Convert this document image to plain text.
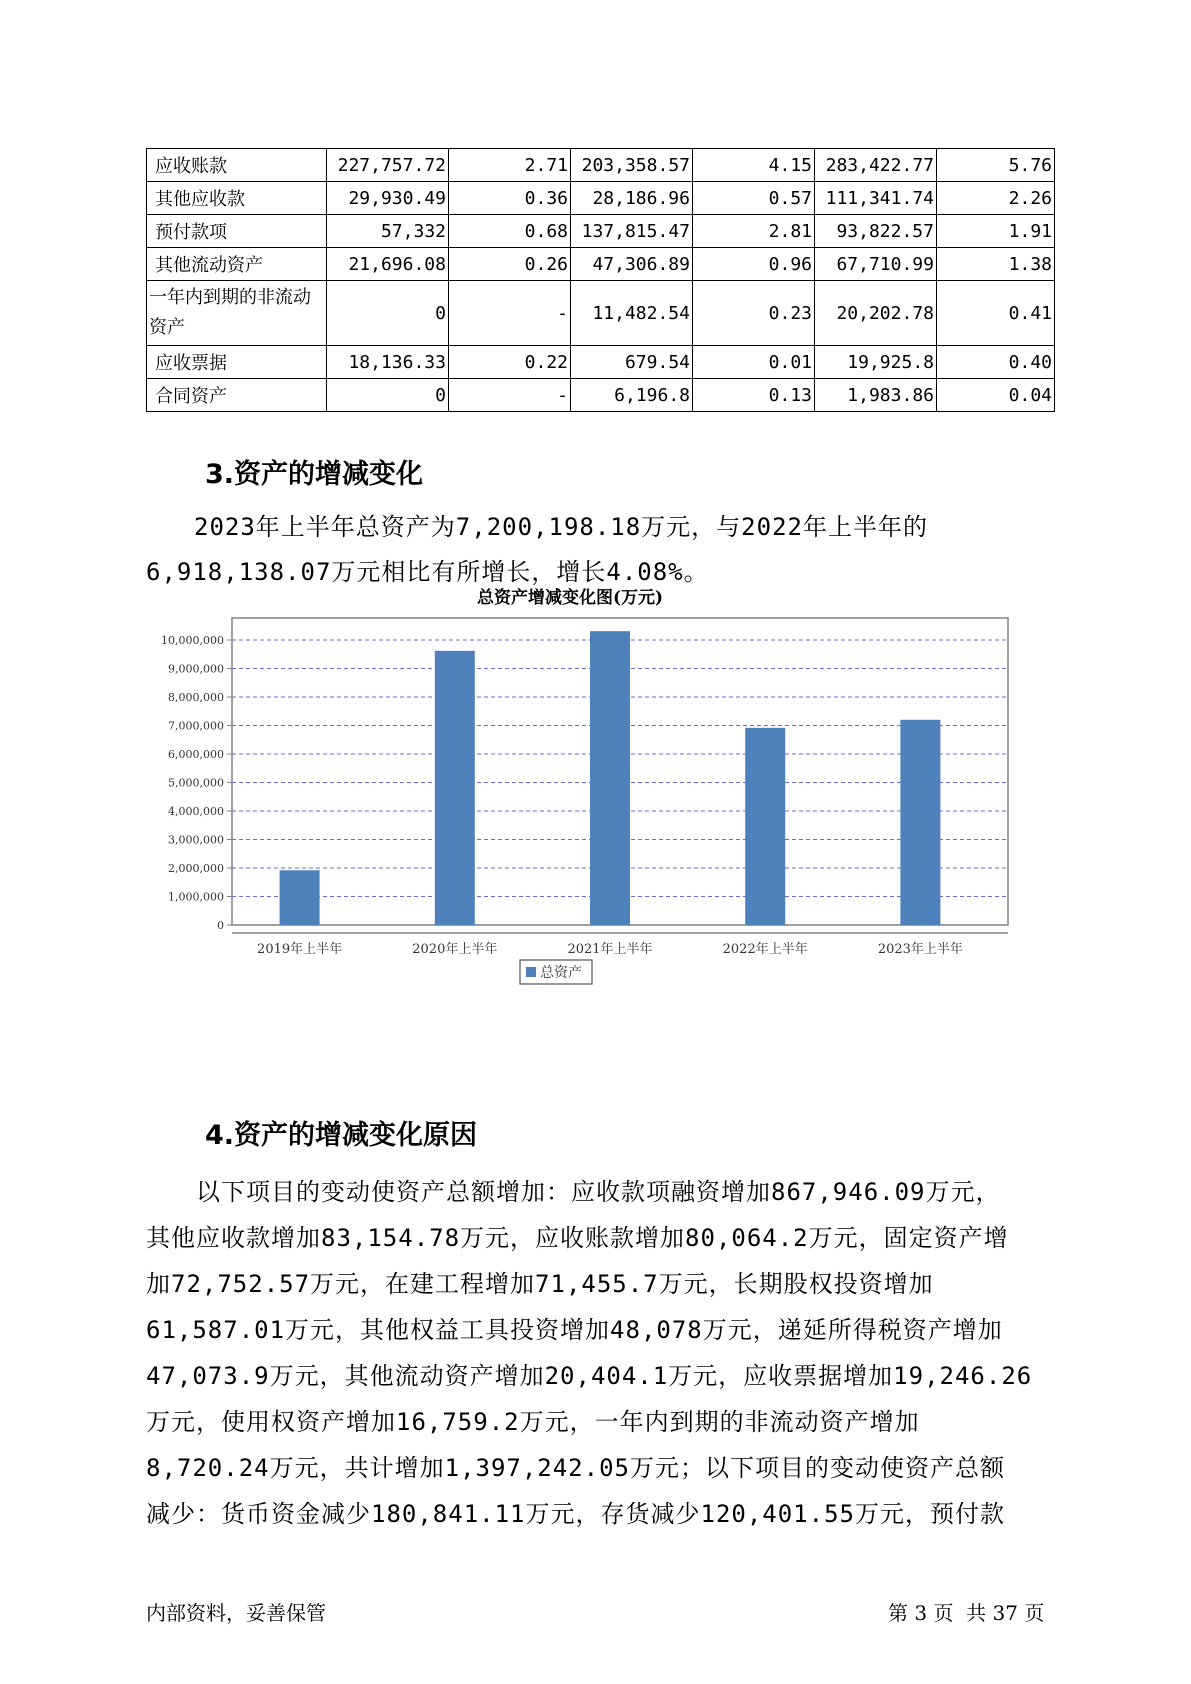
应收账款	227,757.72	2.71	203,358.57	4.15	283,422.77	5.76
其他应收款	29,930.49	0.36	28,186.96	0.57	111,341.74	2.26
预付款项	57,332	0.68	137,815.47	2.81	93,822.57	1.91
其他流动资产	21,696.08	0.26	47,306.89	0.96	67,710.99	1.38
一年内到期的非流动资产	0	-	11,482.54	0.23	20,202.78	0.41
应收票据	18,136.33	0.22	679.54	0.01	19,925.8	0.40
合同资产	0	-	6,196.8	0.13	1,983.86	0.04
3.资产的增减变化

2023年上半年总资产为7,200,198.18万元，与2022年上半年的6,918,138.07万元相比有所增长，增长4.08%。

总资产增减变化图(万元)
0
1,000,000
2,000,000
3,000,000
4,000,000
5,000,000
6,000,000
7,000,000
8,000,000
9,000,000
10,000,000
2019年上半年	2020年上半年	2021年上半年	2022年上半年	2023年上半年
总资产
4.资产的增减变化原因

以下项目的变动使资产总额增加：应收款项融资增加867,946.09万元，

其他应收款增加83,154.78万元，应收账款增加80,064.2万元，固定资产增

加72,752.57万元，在建工程增加71,455.7万元，长期股权投资增加

61,587.01万元，其他权益工具投资增加48,078万元，递延所得税资产增加

47,073.9万元，其他流动资产增加20,404.1万元，应收票据增加19,246.26

万元，使用权资产增加16,759.2万元，一年内到期的非流动资产增加

8,720.24万元，共计增加1,397,242.05万元；以下项目的变动使资产总额

减少：货币资金减少180,841.11万元，存货减少120,401.55万元，预付款

内部资料，妥善保管	第 3 页  共 37 页
